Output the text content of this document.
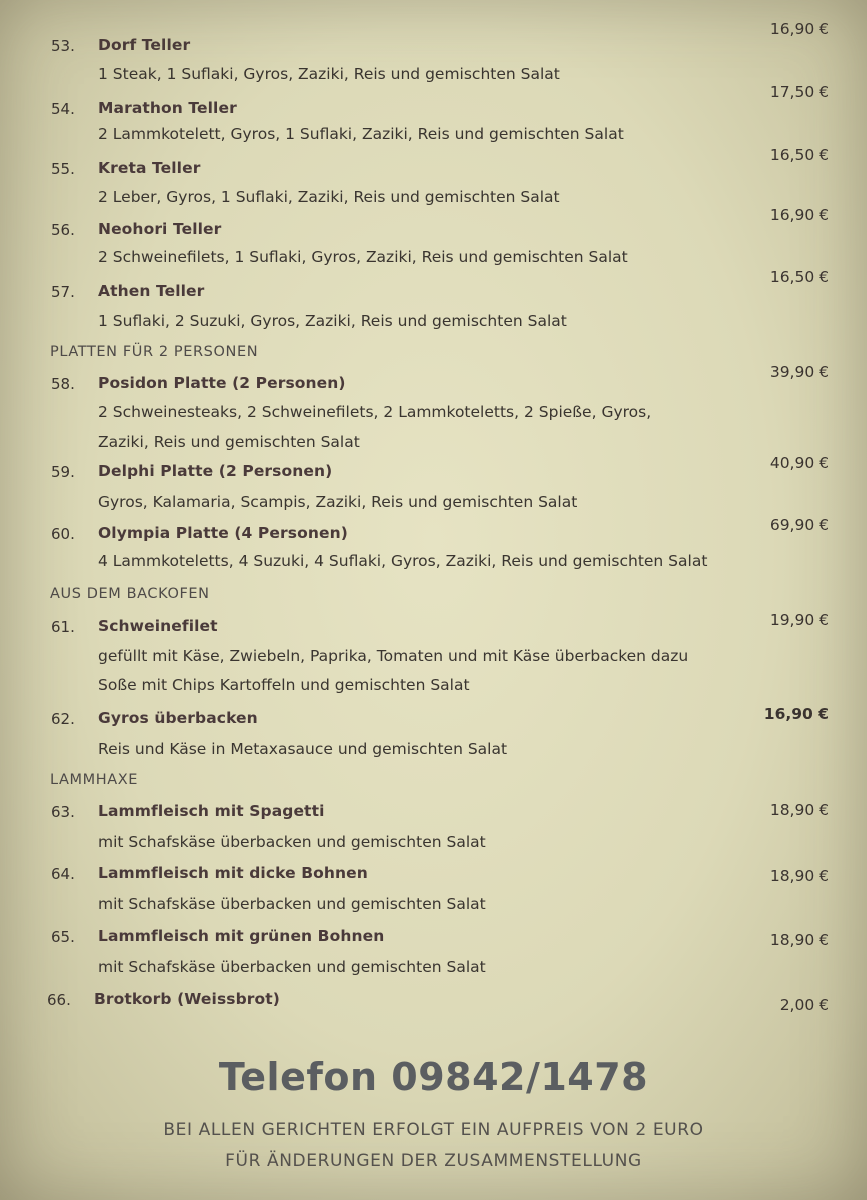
53. Dorf Teller
16,90 €
1 Steak, 1 Suflaki, Gyros, Zaziki, Reis und gemischten Salat
54. Marathon Teller
17,50 €
2 Lammkotelett, Gyros, 1 Suflaki, Zaziki, Reis und gemischten Salat
55. Kreta Teller
16,50 €
2 Leber, Gyros, 1 Suflaki, Zaziki, Reis und gemischten Salat
56. Neohori Teller
16,90 €
2 Schweinefilets, 1 Suflaki, Gyros, Zaziki, Reis und gemischten Salat
57. Athen Teller
16,50 €
1 Suflaki, 2 Suzuki, Gyros, Zaziki, Reis und gemischten Salat
PLATTEN FÜR 2 PERSONEN
58. Posidon Platte (2 Personen)
39,90 €
2 Schweinesteaks, 2 Schweinefilets, 2 Lammkoteletts, 2 Spieße, Gyros,
Zaziki, Reis und gemischten Salat
59. Delphi Platte (2 Personen)	40,90 €
Gyros, Kalamaria, Scampis, Zaziki, Reis und gemischten Salat
60. Olympia Platte (4 Personen)	69,90 €
4 Lammkoteletts, 4 Suzuki, 4 Suflaki, Gyros, Zaziki, Reis und gemischten Salat
AUS DEM BACKOFEN
61. Schweinefilet	19,90 €
gefüllt mit Käse, Zwiebeln, Paprika, Tomaten und mit Käse überbacken dazu
Soße mit Chips Kartoffeln und gemischten Salat
62. Gyros überbacken	16,90 €
Reis und Käse in Metaxasauce und gemischten Salat
LAMMHAXE
63. Lammfleisch mit Spagetti	18,90 €
mit Schafskäse überbacken und gemischten Salat
64. Lammfleisch mit dicke Bohnen	18,90 €
mit Schafskäse überbacken und gemischten Salat
65. Lammfleisch mit grünen Bohnen	18,90 €
mit Schafskäse überbacken und gemischten Salat
66. Brotkorb (Weissbrot)	2,00 €
Telefon 09842/1478
BEI ALLEN GERICHTEN ERFOLGT EIN AUFPREIS VON 2 EURO
FÜR ÄNDERUNGEN DER ZUSAMMENSTELLUNG
